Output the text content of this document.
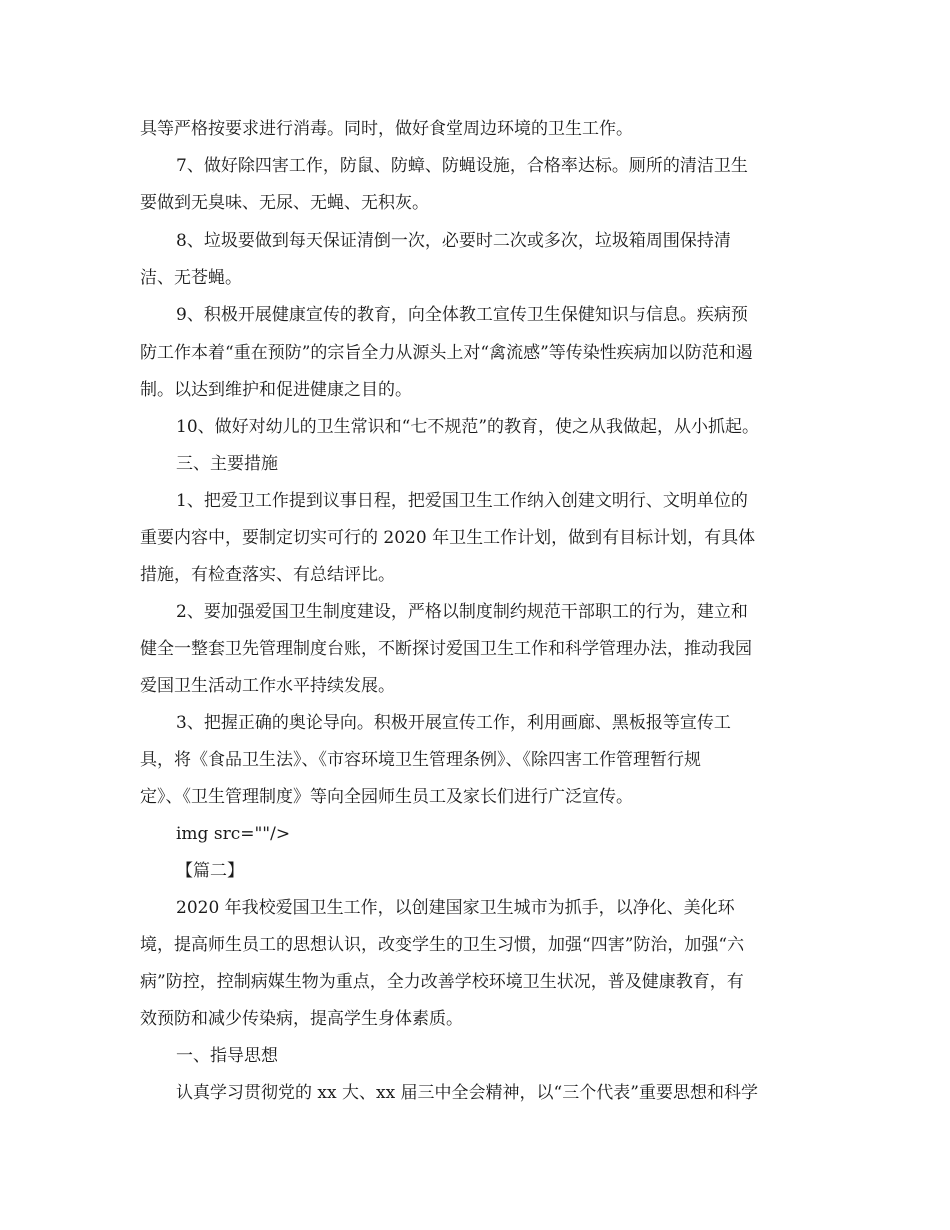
具等严格按要求进行消毒。同时，做好食堂周边环境的卫生工作。

7、做好除四害工作，防鼠、防蟑、防蝇设施，合格率达标。厕所的清洁卫生

要做到无臭味、无尿、无蝇、无积灰。

8、垃圾要做到每天保证清倒一次，必要时二次或多次，垃圾箱周围保持清

洁、无苍蝇。

9、积极开展健康宣传的教育，向全体教工宣传卫生保健知识与信息。疾病预

防工作本着“重在预防”的宗旨全力从源头上对“禽流感”等传染性疾病加以防范和遏

制。以达到维护和促进健康之目的。

10、做好对幼儿的卫生常识和“七不规范”的教育，使之从我做起，从小抓起。

三、主要措施

1、把爱卫工作提到议事日程，把爱国卫生工作纳入创建文明行、文明单位的

重要内容中，要制定切实可行的 2020 年卫生工作计划，做到有目标计划，有具体

措施，有检查落实、有总结评比。

2、要加强爱国卫生制度建设，严格以制度制约规范干部职工的行为，建立和

健全一整套卫先管理制度台账，不断探讨爱国卫生工作和科学管理办法，推动我园

爱国卫生活动工作水平持续发展。

3、把握正确的奥论导向。积极开展宣传工作，利用画廊、黑板报等宣传工

具，将《食品卫生法》、《市容环境卫生管理条例》、《除四害工作管理暂行规

定》、《卫生管理制度》等向全园师生员工及家长们进行广泛宣传。

img src=""/>

【篇二】

2020 年我校爱国卫生工作，以创建国家卫生城市为抓手，以净化、美化环

境，提高师生员工的思想认识，改变学生的卫生习惯，加强“四害”防治，加强“六

病”防控，控制病媒生物为重点，全力改善学校环境卫生状况，普及健康教育，有

效预防和减少传染病，提高学生身体素质。

一、指导思想

认真学习贯彻党的 xx 大、xx 届三中全会精神，以“三个代表”重要思想和科学
